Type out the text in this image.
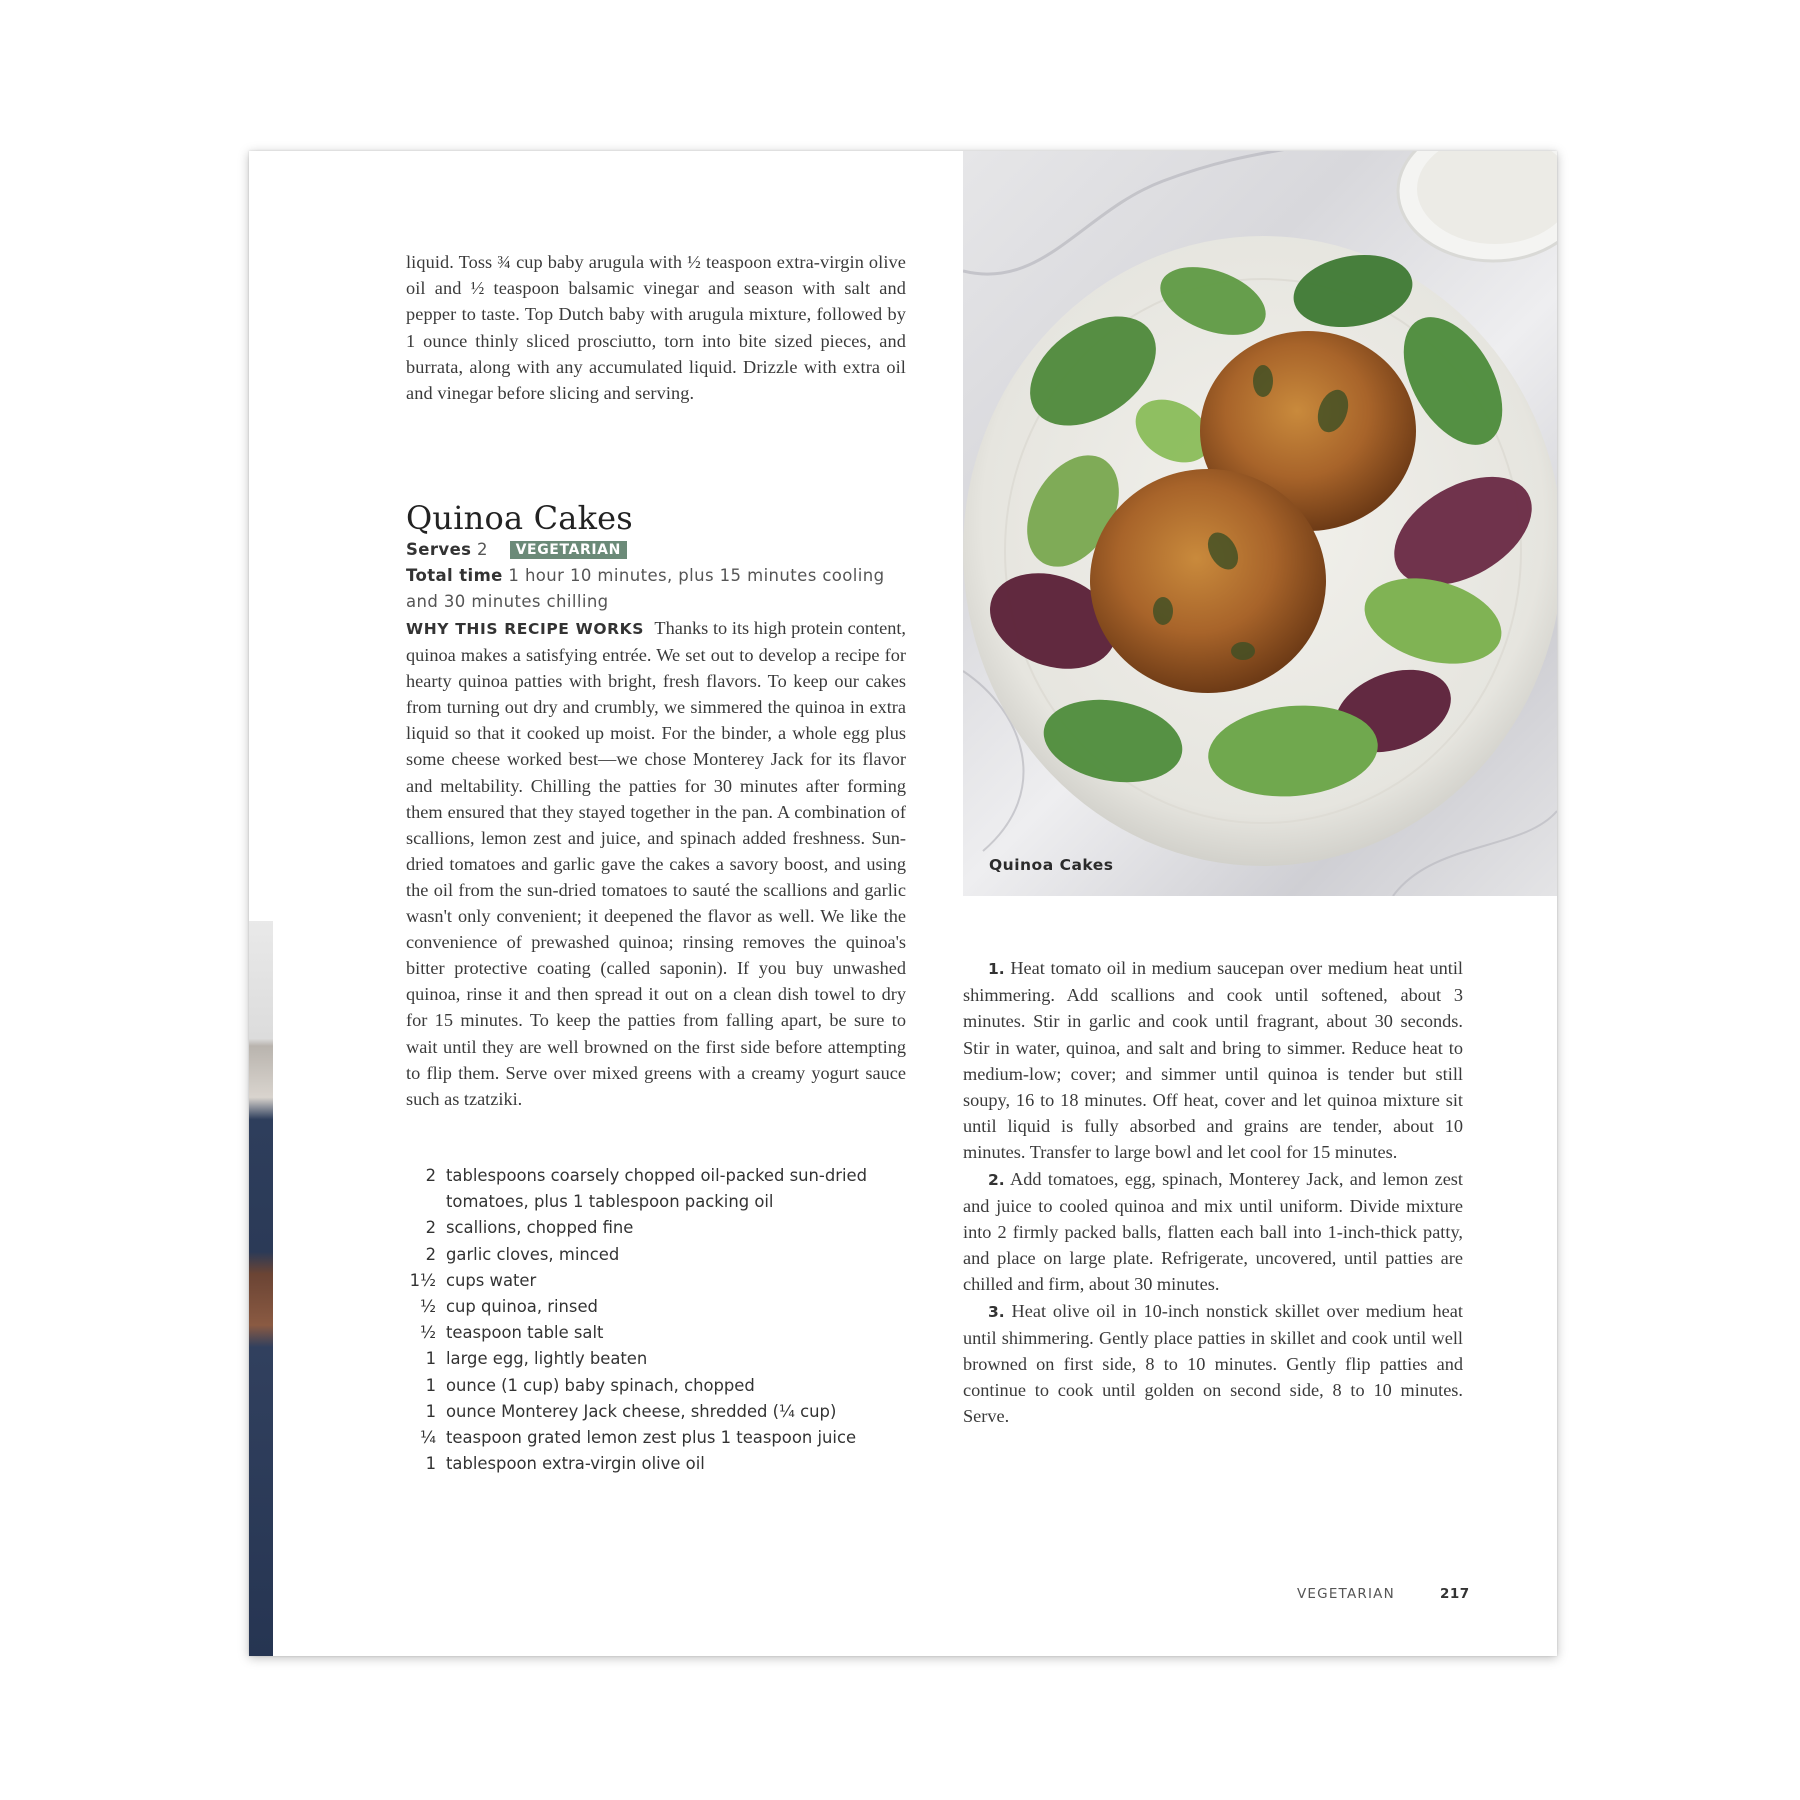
liquid. Toss ¾ cup baby arugula with ½ teaspoon extra-virgin olive oil and ½ teaspoon balsamic vinegar and season with salt and pepper to taste. Top Dutch baby with arugula mixture, followed by 1 ounce thinly sliced prosciutto, torn into bite sized pieces, and burrata, along with any accumulated liquid. Drizzle with extra oil and vinegar before slicing and serving.

Quinoa Cakes
Serves 2 VEGETARIAN
Total time 1 hour 10 minutes, plus 15 minutes cooling and 30 minutes chilling

WHY THIS RECIPE WORKS Thanks to its high protein content, quinoa makes a satisfying entrée. We set out to develop a recipe for hearty quinoa patties with bright, fresh flavors. To keep our cakes from turning out dry and crumbly, we simmered the quinoa in extra liquid so that it cooked up moist. For the binder, a whole egg plus some cheese worked best—we chose Monterey Jack for its flavor and meltability. Chilling the patties for 30 minutes after forming them ensured that they stayed together in the pan. A combination of scallions, lemon zest and juice, and spinach added freshness. Sun-dried tomatoes and garlic gave the cakes a savory boost, and using the oil from the sun-dried tomatoes to sauté the scallions and garlic wasn't only convenient; it deepened the flavor as well. We like the convenience of prewashed quinoa; rinsing removes the quinoa's bitter protective coating (called saponin). If you buy unwashed quinoa, rinse it and then spread it out on a clean dish towel to dry for 15 minutes. To keep the patties from falling apart, be sure to wait until they are well browned on the first side before attempting to flip them. Serve over mixed greens with a creamy yogurt sauce such as tzatziki.

2 tablespoons coarsely chopped oil-packed sun-dried tomatoes, plus 1 tablespoon packing oil
2 scallions, chopped fine
2 garlic cloves, minced
1½ cups water
½ cup quinoa, rinsed
½ teaspoon table salt
1 large egg, lightly beaten
1 ounce (1 cup) baby spinach, chopped
1 ounce Monterey Jack cheese, shredded (¼ cup)
¼ teaspoon grated lemon zest plus 1 teaspoon juice
1 tablespoon extra-virgin olive oil
Quinoa Cakes

1. Heat tomato oil in medium saucepan over medium heat until shimmering. Add scallions and cook until softened, about 3 minutes. Stir in garlic and cook until fragrant, about 30 seconds. Stir in water, quinoa, and salt and bring to simmer. Reduce heat to medium-low; cover; and simmer until quinoa is tender but still soupy, 16 to 18 minutes. Off heat, cover and let quinoa mixture sit until liquid is fully absorbed and grains are tender, about 10 minutes. Transfer to large bowl and let cool for 15 minutes.

2. Add tomatoes, egg, spinach, Monterey Jack, and lemon zest and juice to cooled quinoa and mix until uniform. Divide mixture into 2 firmly packed balls, flatten each ball into 1-inch-thick patty, and place on large plate. Refrigerate, uncovered, until patties are chilled and firm, about 30 minutes.

3. Heat olive oil in 10-inch nonstick skillet over medium heat until shimmering. Gently place patties in skillet and cook until well browned on first side, 8 to 10 minutes. Gently flip patties and continue to cook until golden on second side, 8 to 10 minutes. Serve.

VEGETARIAN	217
